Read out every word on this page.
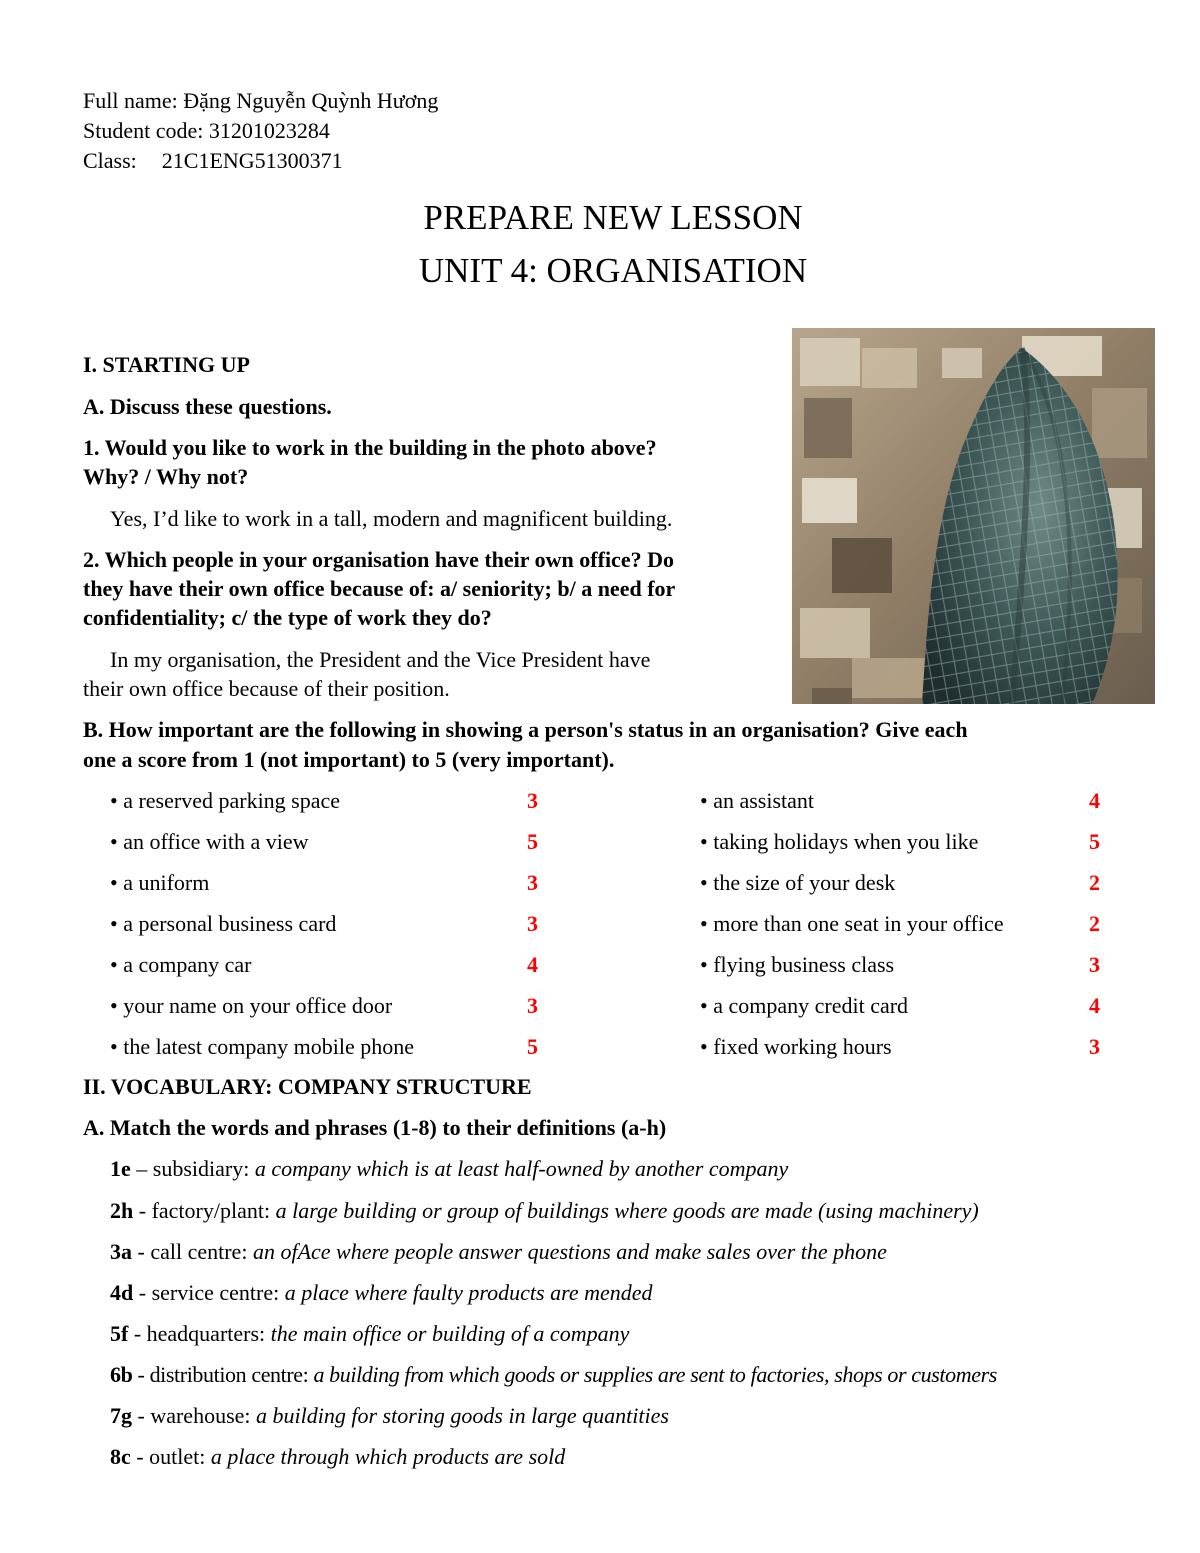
Full name: Đặng Nguyễn Quỳnh Hương
Student code: 31201023284
Class: 21C1ENG51300371
PREPARE NEW LESSON
UNIT 4: ORGANISATION
I. STARTING UP
A. Discuss these questions.
1. Would you like to work in the building in the photo above?
Why? / Why not?
Yes, I’d like to work in a tall, modern and magnificent building.
2. Which people in your organisation have their own office? Do
they have their own office because of: a/ seniority; b/ a need for
confidentiality; c/ the type of work they do?
In my organisation, the President and the Vice President have
their own office because of their position.
B. How important are the following in showing a person's status in an organisation? Give each
one a score from 1 (not important) to 5 (very important).
• a reserved parking space	3
• an office with a view	5
• a uniform	3
• a personal business card	3
• a company car	4
• your name on your office door	3
• the latest company mobile phone	5
• an assistant	4
• taking holidays when you like	5
• the size of your desk	2
• more than one seat in your office	2
• flying business class	3
• a company credit card	4
• fixed working hours	3
II. VOCABULARY: COMPANY STRUCTURE
A. Match the words and phrases (1-8) to their definitions (a-h)
1e – subsidiary: a company which is at least half-owned by another company
2h - factory/plant: a large building or group of buildings where goods are made (using machinery)
3a - call centre: an ofAce where people answer questions and make sales over the phone
4d - service centre: a place where faulty products are mended
5f - headquarters: the main office or building of a company
6b - distribution centre: a building from which goods or supplies are sent to factories, shops or customers
7g - warehouse: a building for storing goods in large quantities
8c - outlet: a place through which products are sold
